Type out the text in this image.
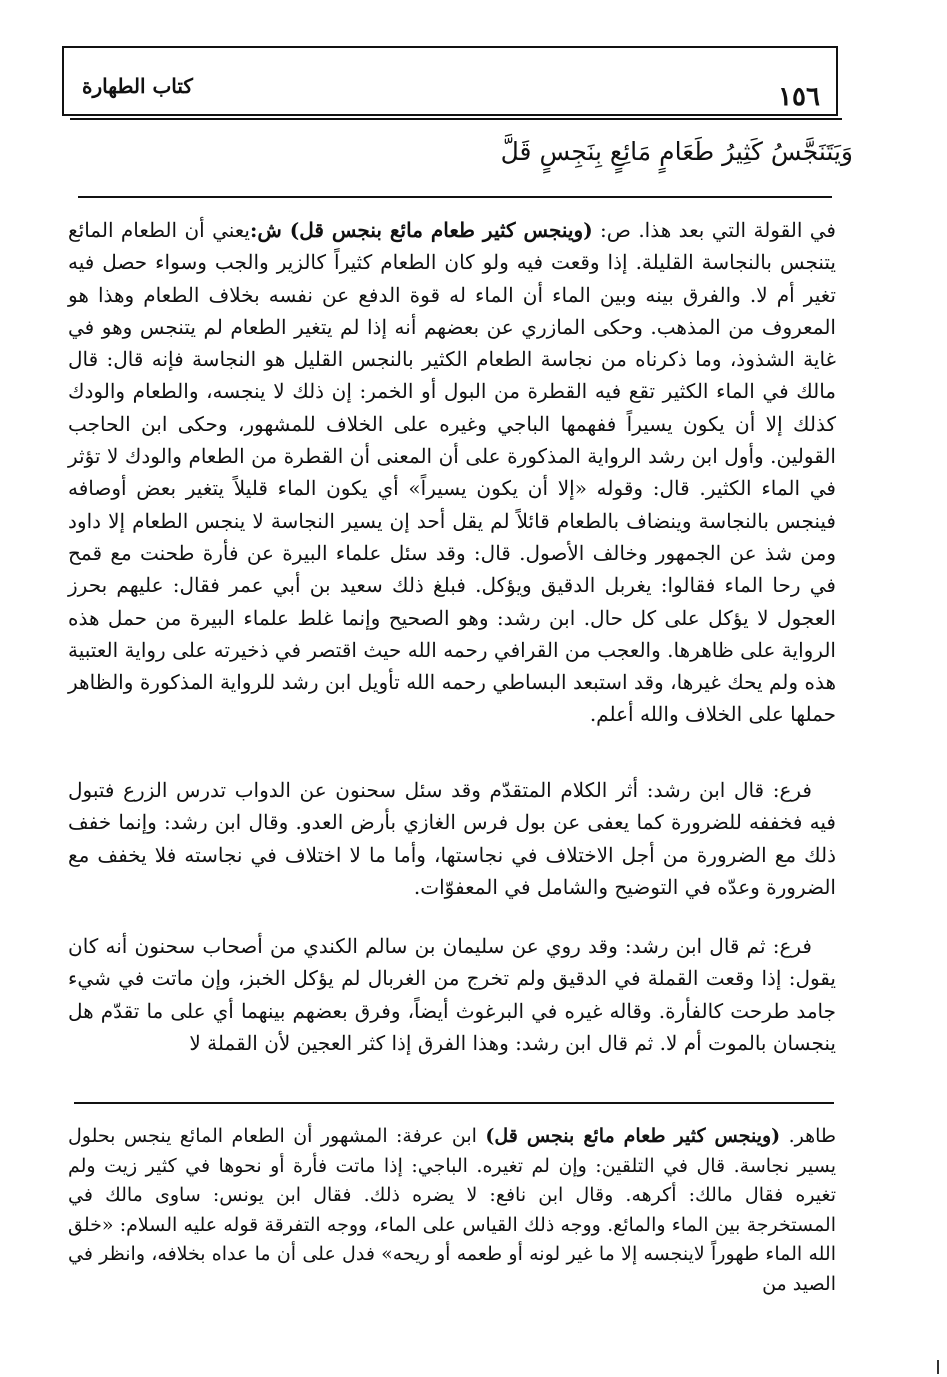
كتاب الطهارة	١٥٦
وَيَتَنَجَّسُ كَثِيرُ طَعَامٍ مَائِعٍ بِنَجِسٍ قَلَّ

في القولة التي بعد هذا. ص: (وينجس كثير طعام مائع بنجس قل) ش:يعني أن الطعام المائع يتنجس بالنجاسة القليلة. إذا وقعت فيه ولو كان الطعام كثيراً كالزير والجب وسواء حصل فيه تغير أم لا. والفرق بينه وبين الماء أن الماء له قوة الدفع عن نفسه بخلاف الطعام وهذا هو المعروف من المذهب. وحكى المازري عن بعضهم أنه إذا لم يتغير الطعام لم يتنجس وهو في غاية الشذوذ، وما ذكرناه من نجاسة الطعام الكثير بالنجس القليل هو النجاسة فإنه قال: قال مالك في الماء الكثير تقع فيه القطرة من البول أو الخمر: إن ذلك لا ينجسه، والطعام والودك كذلك إلا أن يكون يسيراً ففهمها الباجي وغيره على الخلاف للمشهور، وحكى ابن الحاجب القولين. وأول ابن رشد الرواية المذكورة على أن المعنى أن القطرة من الطعام والودك لا تؤثر في الماء الكثير. قال: وقوله «إلا أن يكون يسيراً» أي يكون الماء قليلاً يتغير بعض أوصافه فينجس بالنجاسة وينضاف بالطعام قائلاً لم يقل أحد إن يسير النجاسة لا ينجس الطعام إلا داود ومن شذ عن الجمهور وخالف الأصول. قال: وقد سئل علماء البيرة عن فأرة طحنت مع قمح في رحا الماء فقالوا: يغربل الدقيق ويؤكل. فبلغ ذلك سعيد بن أبي عمر فقال: عليهم بحرز العجول لا يؤكل على كل حال. ابن رشد: وهو الصحيح وإنما غلط علماء البيرة من حمل هذه الرواية على ظاهرها. والعجب من القرافي رحمه الله حيث اقتصر في ذخيرته على رواية العتبية هذه ولم يحك غيرها، وقد استبعد البساطي رحمه الله تأويل ابن رشد للرواية المذكورة والظاهر حملها على الخلاف والله أعلم.

فرع: قال ابن رشد: أثر الكلام المتقدّم وقد سئل سحنون عن الدواب تدرس الزرع فتبول فيه فخففه للضرورة كما يعفى عن بول فرس الغازي بأرض العدو. وقال ابن رشد: وإنما خفف ذلك مع الضرورة من أجل الاختلاف في نجاستها، وأما ما لا اختلاف في نجاسته فلا يخفف مع الضرورة وعدّه في التوضيح والشامل في المعفوّات.

فرع: ثم قال ابن رشد: وقد روي عن سليمان بن سالم الكندي من أصحاب سحنون أنه كان يقول: إذا وقعت القملة في الدقيق ولم تخرج من الغربال لم يؤكل الخبز، وإن ماتت في شيء جامد طرحت كالفأرة. وقاله غيره في البرغوث أيضاً، وفرق بعضهم بينهما أي على ما تقدّم هل ينجسان بالموت أم لا. ثم قال ابن رشد: وهذا الفرق إذا كثر العجين لأن القملة لا

طاهر. (وينجس كثير طعام مائع بنجس قل) ابن عرفة: المشهور أن الطعام المائع ينجس بحلول يسير نجاسة. قال في التلقين: وإن لم تغيره. الباجي: إذا ماتت فأرة أو نحوها في كثير زيت ولم تغيره فقال مالك: أكرهه. وقال ابن نافع: لا يضره ذلك. فقال ابن يونس: ساوى مالك في المستخرجة بين الماء والمائع. ووجه ذلك القياس على الماء، ووجه التفرقة قوله عليه السلام: «خلق الله الماء طهوراً لاينجسه إلا ما غير لونه أو طعمه أو ريحه» فدل على أن ما عداه بخلافه، وانظر في الصيد من
